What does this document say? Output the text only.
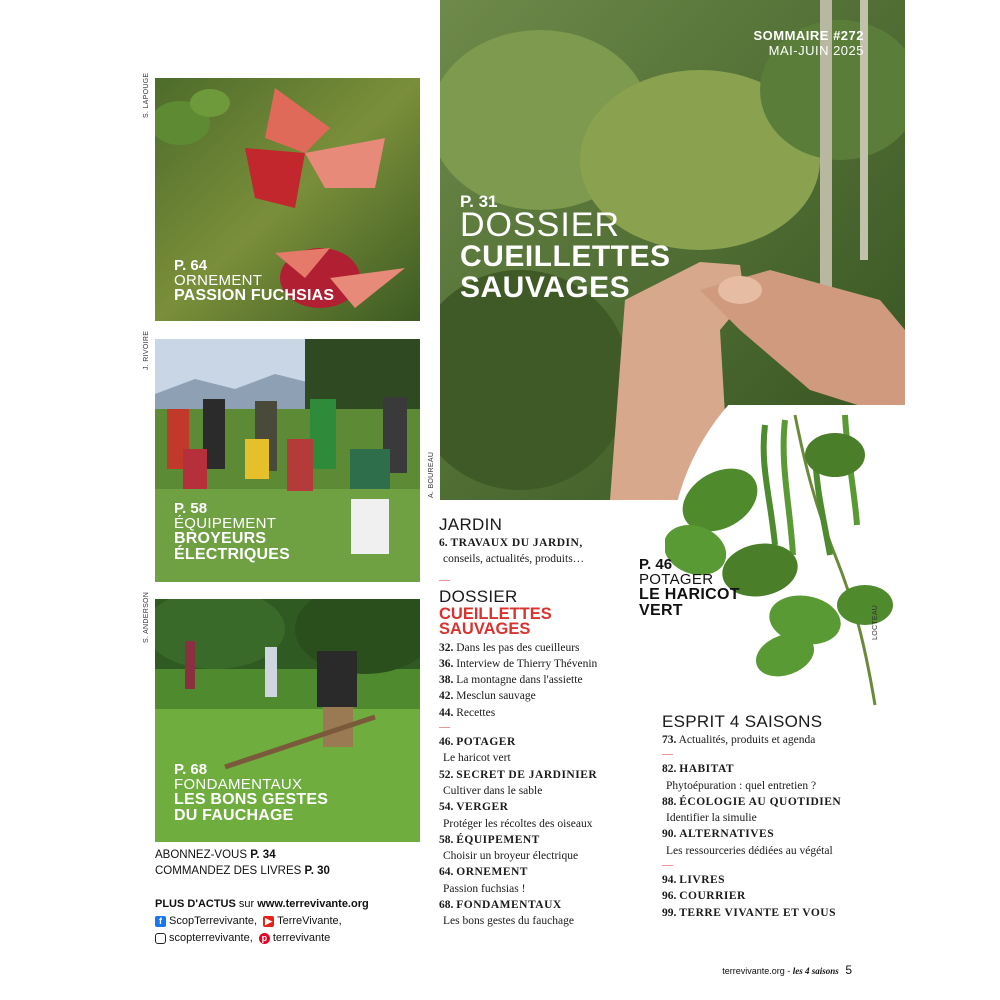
S. LAPOUGE
P. 64
ORNEMENT
PASSION FUCHSIAS
J. RIVOIRE
P. 58
ÉQUIPEMENT
BROYEURS
ÉLECTRIQUES
S. ANDERSON
P. 68
FONDAMENTAUX
LES BONS GESTES
DU FAUCHAGE
A. BOUREAU
SOMMAIRE #272
MAI-JUIN 2025
P. 31
DOSSIER
CUEILLETTES
SAUVAGES
LOCTEAU
P. 46
POTAGER
LE HARICOT
VERT
JARDIN
6. TRAVAUX DU JARDIN,
conseils, actualités, produits…
—
DOSSIER
CUEILLETTES
SAUVAGES
32. Dans les pas des cueilleurs
36. Interview de Thierry Thévenin
38. La montagne dans l'assiette
42. Mesclun sauvage
44. Recettes
—
46. POTAGER
Le haricot vert
52. SECRET DE JARDINIER
Cultiver dans le sable
54. VERGER
Protéger les récoltes des oiseaux
58. ÉQUIPEMENT
Choisir un broyeur électrique
64. ORNEMENT
Passion fuchsias !
68. FONDAMENTAUX
Les bons gestes du fauchage
ESPRIT 4 SAISONS
73. Actualités, produits et agenda
—
82. HABITAT
Phytoépuration : quel entretien ?
88. ÉCOLOGIE AU QUOTIDIEN
Identifier la simulie
90. ALTERNATIVES
Les ressourceries dédiées au végétal
—
94. LIVRES
96. COURRIER
99. TERRE VIVANTE ET VOUS
ABONNEZ-VOUS P. 34
COMMANDEZ DES LIVRES P. 30
PLUS D'ACTUS sur www.terrevivante.org
f ScopTerrevivante, ▶ TerreVivante,
scopterrevivante, p terrevivante
terrevivante.org - les 4 saisons 5
